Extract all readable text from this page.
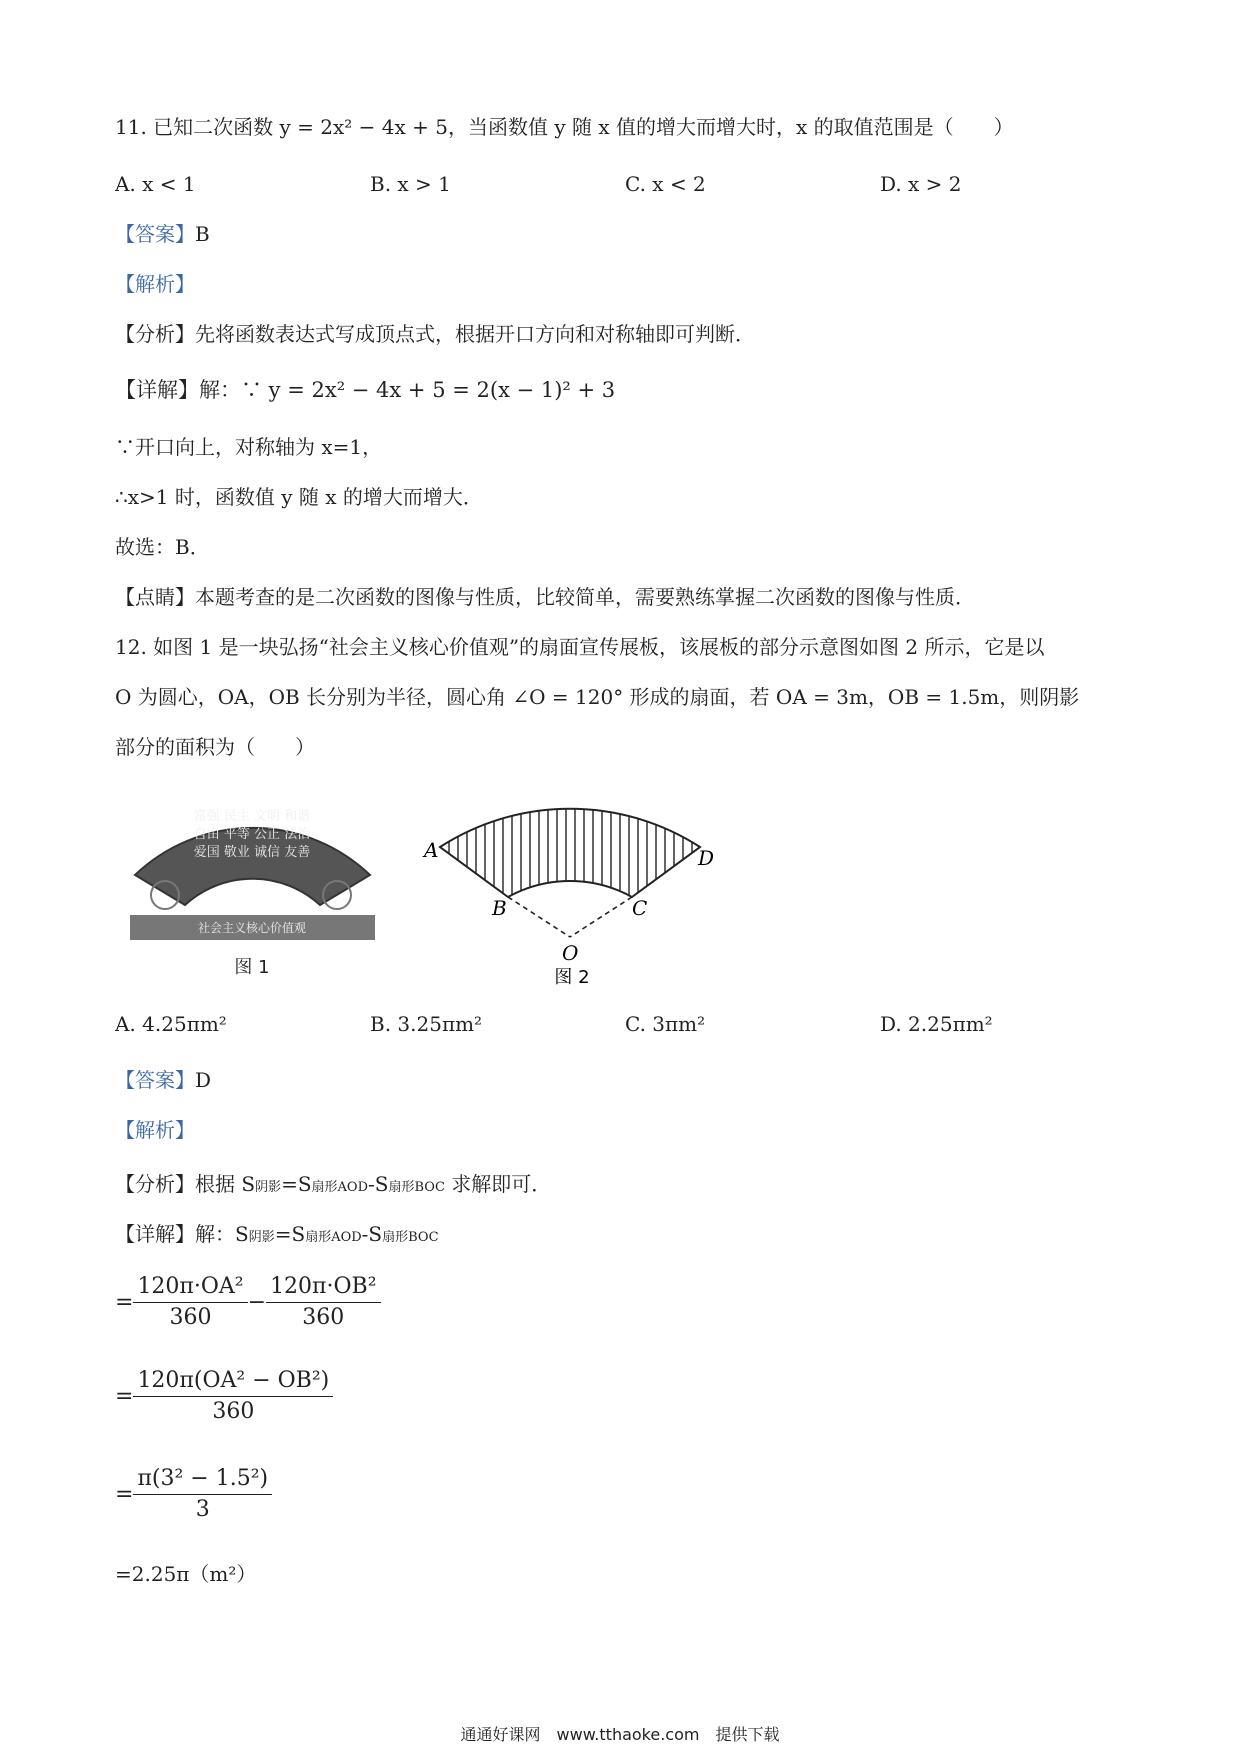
11. 已知二次函数 y = 2x² − 4x + 5，当函数值 y 随 x 值的增大而增大时，x 的取值范围是（　　）
A. x < 1	B. x > 1	C. x < 2	D. x > 2
【答案】B
【解析】
【分析】先将函数表达式写成顶点式，根据开口方向和对称轴即可判断．
【详解】解：∵ y = 2x² − 4x + 5 = 2(x − 1)² + 3
∵开口向上，对称轴为 x=1，
∴x>1 时，函数值 y 随 x 的增大而增大．
故选：B．
【点睛】本题考查的是二次函数的图像与性质，比较简单，需要熟练掌握二次函数的图像与性质．
12. 如图 1 是一块弘扬“社会主义核心价值观”的扇面宣传展板，该展板的部分示意图如图 2 所示，它是以
O 为圆心，OA，OB 长分别为半径，圆心角 ∠O = 120° 形成的扇面，若 OA = 3m，OB = 1.5m，则阴影
部分的面积为（　　）
富强 民主 文明 和谐
自由 平等 公正 法治
爱国 敬业 诚信 友善
社会主义核心价值观
图 1
A
B	C
D
O
图 2
A. 4.25πm²	B. 3.25πm²	C. 3πm²	D. 2.25πm²
【答案】D
【解析】
【分析】根据 S阴影=S扇形AOD-S扇形BOC 求解即可．
【详解】解：S阴影=S扇形AOD-S扇形BOC
= $\frac{\text{120π·OA²}}{360} - \frac{\text{120π·OB²}}{360}$
= $\frac{\text{120π(OA² − OB²)}}{360}$
= $\frac{\text{π(3² − 1.5²)}}{3}$
=2.25π（m²）
通通好课网　www.tthaoke.com　提供下载
